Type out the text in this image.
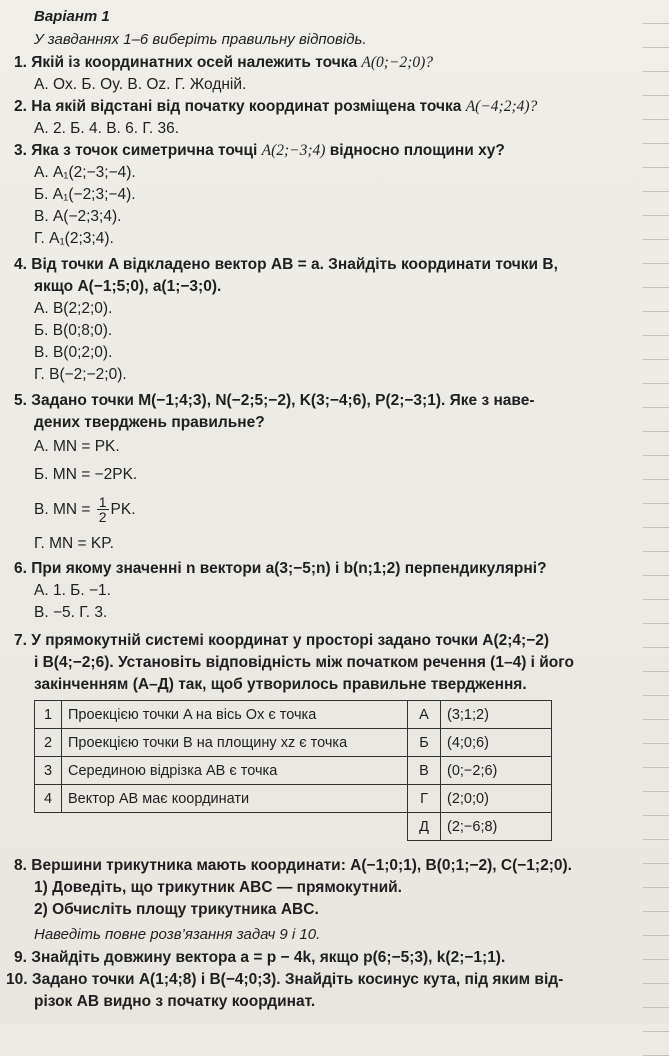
Варіант 1
У завданнях 1–6 виберіть правильну відповідь.
1. Якій із координатних осей належить точка A(0;−2;0)?
А. Ox. Б. Oy. В. Oz. Г. Жодній.
2. На якій відстані від початку координат розміщена точка A(−4;2;4)?
А. 2. Б. 4. В. 6. Г. 36.
3. Яка з точок симетрична точці A(2;−3;4) відносно площини xy?
А. A₁(2;−3;−4).
Б. A₁(−2;3;−4).
В. A(−2;3;4).
Г. A₁(2;3;4).
4. Від точки A відкладено вектор AB = a. Знайдіть координати точки B,
якщо A(−1;5;0), a(1;−3;0).
А. B(2;2;0).
Б. B(0;8;0).
В. B(0;2;0).
Г. B(−2;−2;0).
5. Задано точки M(−1;4;3), N(−2;5;−2), K(3;−4;6), P(2;−3;1). Яке з наве-
дених тверджень правильне?
А. MN = PK.
Б. MN = −2PK.
В. MN = $\frac{1}{2}$ PK.
Г. MN = KP.
6. При якому значенні n вектори a(3;−5;n) і b(n;1;2) перпендикулярні?
А. 1. Б. −1.
В. −5. Г. 3.
7. У прямокутній системі координат у просторі задано точки A(2;4;−2)
і B(4;−2;6). Установіть відповідність між початком речення (1–4) і його
закінченням (А–Д) так, щоб утворилось правильне твердження.
1	Проекцією точки A на вісь Ox є точка	А	(3;1;2)
2	Проекцією точки B на площину xz є точка	Б	(4;0;6)
3	Серединою відрізка AB є точка	В	(0;−2;6)
4	Вектор AB має координати	Г	(2;0;0)
		Д	(2;−6;8)
8. Вершини трикутника мають координати: A(−1;0;1), B(0;1;−2), C(−1;2;0).
1) Доведіть, що трикутник ABC — прямокутний.
2) Обчисліть площу трикутника ABC.
Наведіть повне розв’язання задач 9 і 10.
9. Знайдіть довжину вектора a = p − 4k, якщо p(6;−5;3), k(2;−1;1).
10. Задано точки A(1;4;8) і B(−4;0;3). Знайдіть косинус кута, під яким від-
різок AB видно з початку координат.
